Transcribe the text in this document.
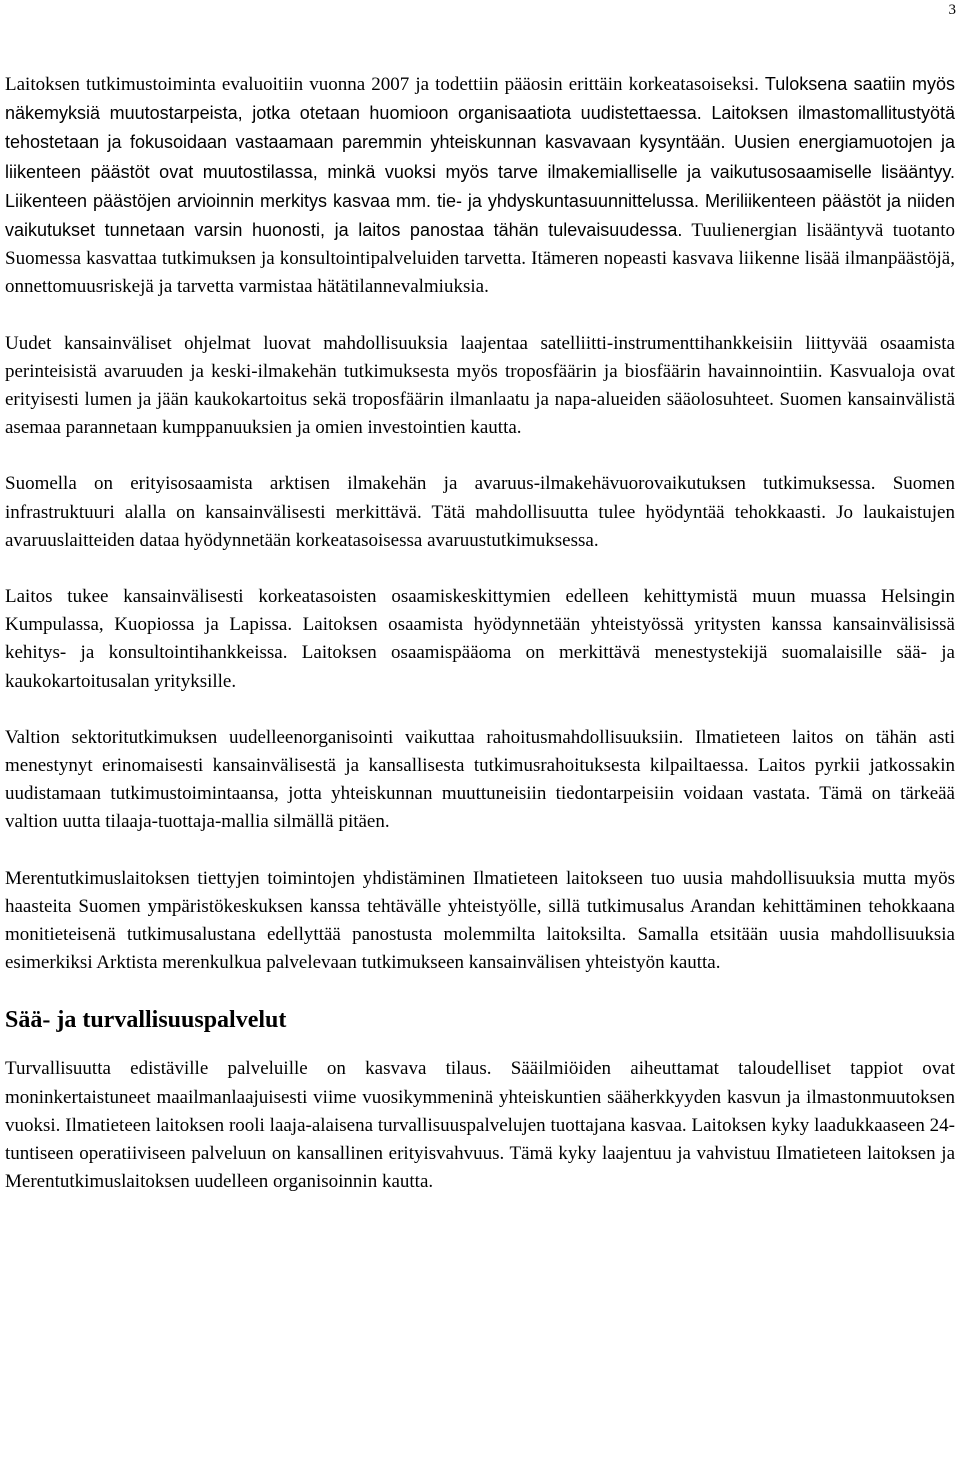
3

Laitoksen tutkimustoiminta evaluoitiin vuonna 2007 ja todettiin pääosin erittäin korkeatasoiseksi. Tuloksena saatiin myös näkemyksiä muutostarpeista, jotka otetaan huomioon organisaatiota uudistettaessa. Laitoksen ilmastomallitustyötä tehostetaan ja fokusoidaan vastaamaan paremmin yhteiskunnan kasvavaan kysyntään. Uusien energiamuotojen ja liikenteen päästöt ovat muutostilassa, minkä vuoksi myös tarve ilmakemialliselle ja vaikutusosaamiselle lisääntyy. Liikenteen päästöjen arvioinnin merkitys kasvaa mm. tie- ja yhdyskuntasuunnittelussa. Meriliikenteen päästöt ja niiden vaikutukset tunnetaan varsin huonosti, ja laitos panostaa tähän tulevaisuudessa. Tuulienergian lisääntyvä tuotanto Suomessa kasvattaa tutkimuksen ja konsultointipalveluiden tarvetta. Itämeren nopeasti kasvava liikenne lisää ilmanpäästöjä, onnettomuusriskejä ja tarvetta varmistaa hätätilannevalmiuksia.

Uudet kansainväliset ohjelmat luovat mahdollisuuksia laajentaa satelliitti-instrumenttihankkeisiin liittyvää osaamista perinteisistä avaruuden ja keski-ilmakehän tutkimuksesta myös troposfäärin ja biosfäärin havainnointiin. Kasvualoja ovat erityisesti lumen ja jään kaukokartoitus sekä troposfäärin ilmanlaatu ja napa-alueiden sääolosuhteet. Suomen kansainvälistä asemaa parannetaan kumppanuuksien ja omien investointien kautta.

Suomella on erityisosaamista arktisen ilmakehän ja avaruus-ilmakehävuorovaikutuksen tutkimuksessa. Suomen infrastruktuuri alalla on kansainvälisesti merkittävä. Tätä mahdollisuutta tulee hyödyntää tehokkaasti. Jo laukaistujen avaruuslaitteiden dataa hyödynnetään korkeatasoisessa avaruustutkimuksessa.

Laitos tukee kansainvälisesti korkeatasoisten osaamiskeskittymien edelleen kehittymistä muun muassa Helsingin Kumpulassa, Kuopiossa ja Lapissa. Laitoksen osaamista hyödynnetään yhteistyössä yritysten kanssa kansainvälisissä kehitys- ja konsultointihankkeissa. Laitoksen osaamispääoma on merkittävä menestystekijä suomalaisille sää- ja kaukokartoitusalan yrityksille.

Valtion sektoritutkimuksen uudelleenorganisointi vaikuttaa rahoitusmahdollisuuksiin. Ilmatieteen laitos on tähän asti menestynyt erinomaisesti kansainvälisestä ja kansallisesta tutkimusrahoituksesta kilpailtaessa. Laitos pyrkii jatkossakin uudistamaan tutkimustoimintaansa, jotta yhteiskunnan muuttuneisiin tiedontarpeisiin voidaan vastata. Tämä on tärkeää valtion uutta tilaaja-tuottaja-mallia silmällä pitäen.

Merentutkimuslaitoksen tiettyjen toimintojen yhdistäminen Ilmatieteen laitokseen tuo uusia mahdollisuuksia mutta myös haasteita Suomen ympäristökeskuksen kanssa tehtävälle yhteistyölle, sillä tutkimusalus Arandan kehittäminen tehokkaana monitieteisenä tutkimusalustana edellyttää panostusta molemmilta laitoksilta. Samalla etsitään uusia mahdollisuuksia esimerkiksi Arktista merenkulkua palvelevaan tutkimukseen kansainvälisen yhteistyön kautta.

Sää- ja turvallisuuspalvelut

Turvallisuutta edistäville palveluille on kasvava tilaus. Sääilmiöiden aiheuttamat taloudelliset tappiot ovat moninkertaistuneet maailmanlaajuisesti viime vuosikymmeninä yhteiskuntien sääherkkyyden kasvun ja ilmastonmuutoksen vuoksi. Ilmatieteen laitoksen rooli laaja-alaisena turvallisuuspalvelujen tuottajana kasvaa. Laitoksen kyky laadukkaaseen 24-tuntiseen operatiiviseen palveluun on kansallinen erityisvahvuus. Tämä kyky laajentuu ja vahvistuu Ilmatieteen laitoksen ja Merentutkimuslaitoksen uudelleen organisoinnin kautta.
